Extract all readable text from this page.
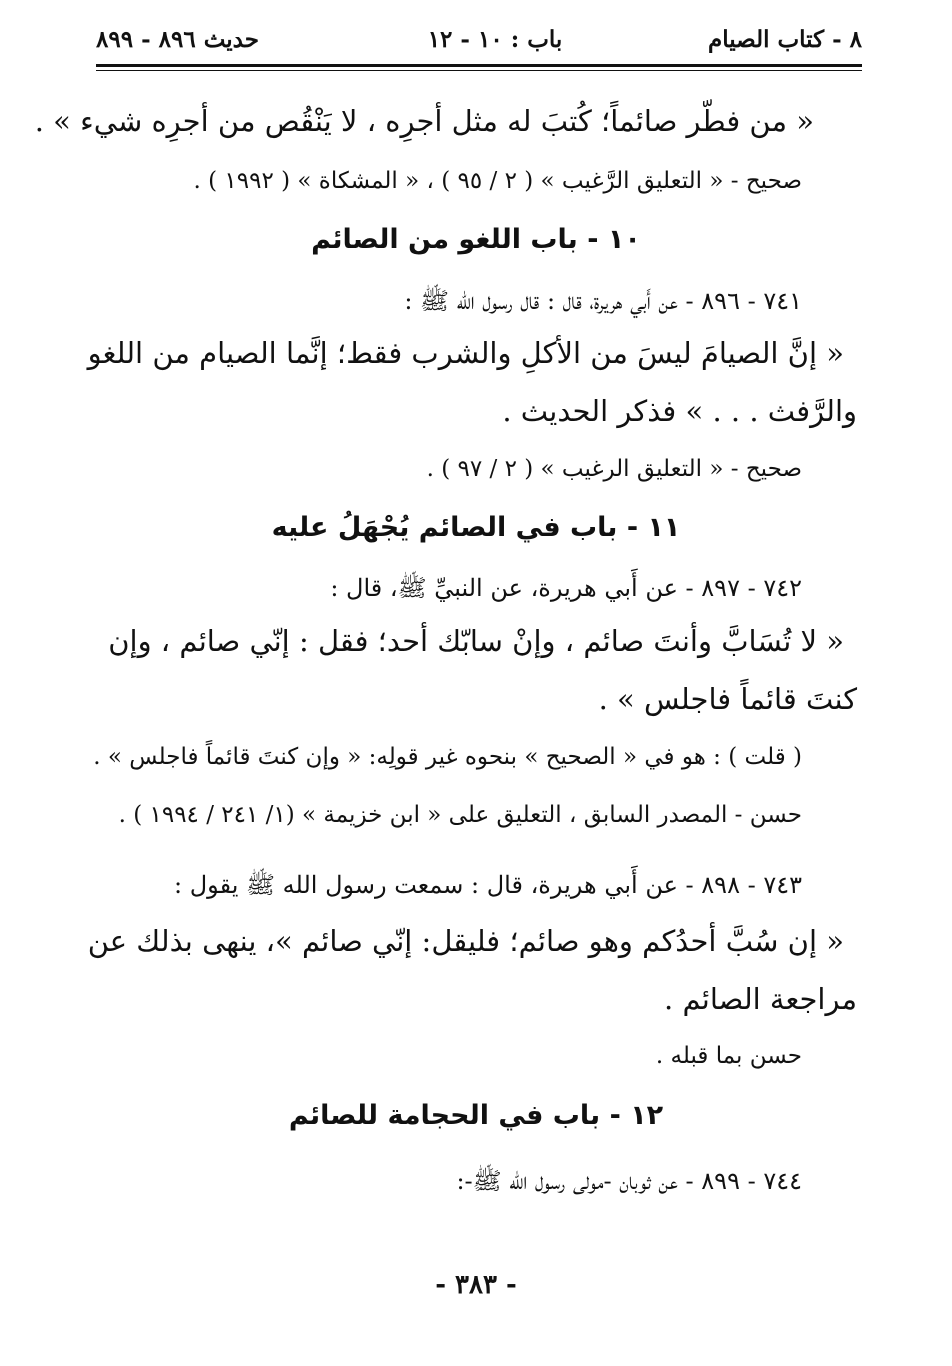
٨ - كتاب الصيام
باب : ١٠ - ١٢
حديث ٨٩٦ - ٨٩٩
« من فطّر صائماً؛ كُتبَ له مثل أجرِه ، لا يَنْقُص من أجرِه شيء » .
صحيح - « التعليق الرَّغيب » ( ٢ / ٩٥ ) ، « المشكاة » ( ١٩٩٢ ) .
١٠ - باب اللغو من الصائم
٧٤١ - ٨٩٦ - عن أَبي هريرة، قال : قال رسول الله ﷺ :
« إنَّ الصيامَ ليسَ من الأكلِ والشرب فقط؛ إنَّما الصيام من اللغو
والرَّفث . . . » فذكر الحديث .
صحيح - « التعليق الرغيب » ( ٢ / ٩٧ ) .
١١ - باب في الصائم يُجْهَلُ عليه
٧٤٢ - ٨٩٧ - عن أَبي هريرة، عن النبيِّ ﷺ، قال :
« لا تُسَابَّ وأنتَ صائم ، وإنْ سابّك أحد؛ فقل : إنّي صائم ، وإن
كنتَ قائماً فاجلس » .
( قلت ) : هو في « الصحيح » بنحوه غير قولِه: « وإن كنتَ قائماً فاجلس » .
حسن - المصدر السابق ، التعليق على « ابن خزيمة » (١/ ٢٤١ / ١٩٩٤ ) .
٧٤٣ - ٨٩٨ - عن أَبي هريرة، قال : سمعت رسول الله ﷺ يقول :
« إن سُبَّ أحدُكم وهو صائم؛ فليقل: إنّي صائم »، ينهى بذلك عن
مراجعة الصائم .
حسن بما قبله .
١٢ - باب في الحجامة للصائم
٧٤٤ - ٨٩٩ - عن ثوبان -مولى رسول الله ﷺ-:
- ٣٨٣ -
